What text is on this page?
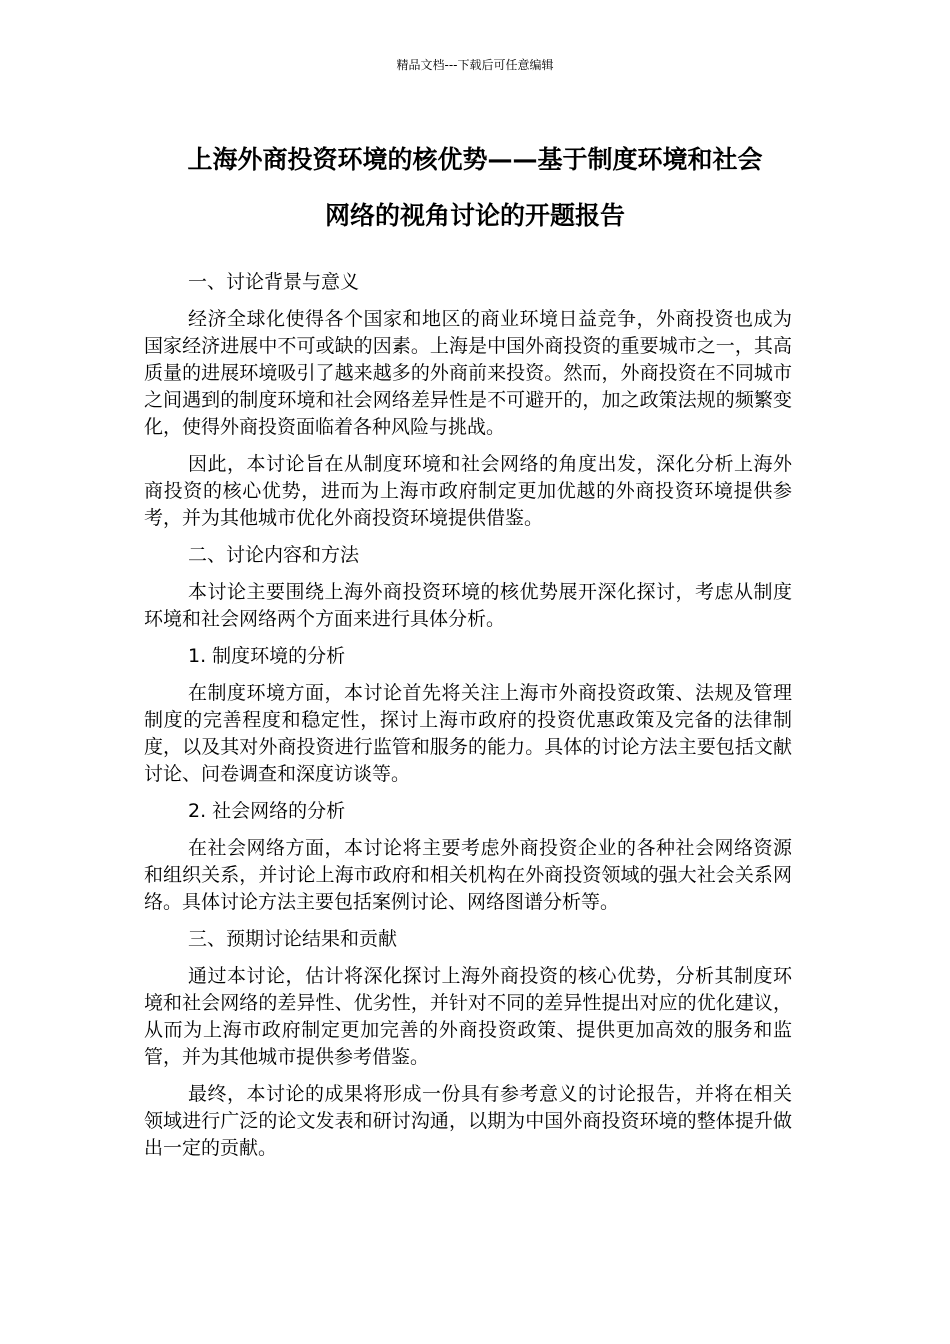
精品文档---下载后可任意编辑
上海外商投资环境的核优势——基于制度环境和社会
网络的视角讨论的开题报告

一、讨论背景与意义

经济全球化使得各个国家和地区的商业环境日益竞争，外商投资也成为国家经济进展中不可或缺的因素。上海是中国外商投资的重要城市之一，其高质量的进展环境吸引了越来越多的外商前来投资。然而，外商投资在不同城市之间遇到的制度环境和社会网络差异性是不可避开的，加之政策法规的频繁变化，使得外商投资面临着各种风险与挑战。

因此，本讨论旨在从制度环境和社会网络的角度出发，深化分析上海外商投资的核心优势，进而为上海市政府制定更加优越的外商投资环境提供参考，并为其他城市优化外商投资环境提供借鉴。

二、讨论内容和方法

本讨论主要围绕上海外商投资环境的核优势展开深化探讨，考虑从制度环境和社会网络两个方面来进行具体分析。

1. 制度环境的分析

在制度环境方面，本讨论首先将关注上海市外商投资政策、法规及管理制度的完善程度和稳定性，探讨上海市政府的投资优惠政策及完备的法律制度，以及其对外商投资进行监管和服务的能力。具体的讨论方法主要包括文献讨论、问卷调查和深度访谈等。

2. 社会网络的分析

在社会网络方面，本讨论将主要考虑外商投资企业的各种社会网络资源和组织关系，并讨论上海市政府和相关机构在外商投资领域的强大社会关系网络。具体讨论方法主要包括案例讨论、网络图谱分析等。

三、预期讨论结果和贡献

通过本讨论，估计将深化探讨上海外商投资的核心优势，分析其制度环境和社会网络的差异性、优劣性，并针对不同的差异性提出对应的优化建议，从而为上海市政府制定更加完善的外商投资政策、提供更加高效的服务和监管，并为其他城市提供参考借鉴。

最终，本讨论的成果将形成一份具有参考意义的讨论报告，并将在相关领域进行广泛的论文发表和研讨沟通，以期为中国外商投资环境的整体提升做出一定的贡献。
